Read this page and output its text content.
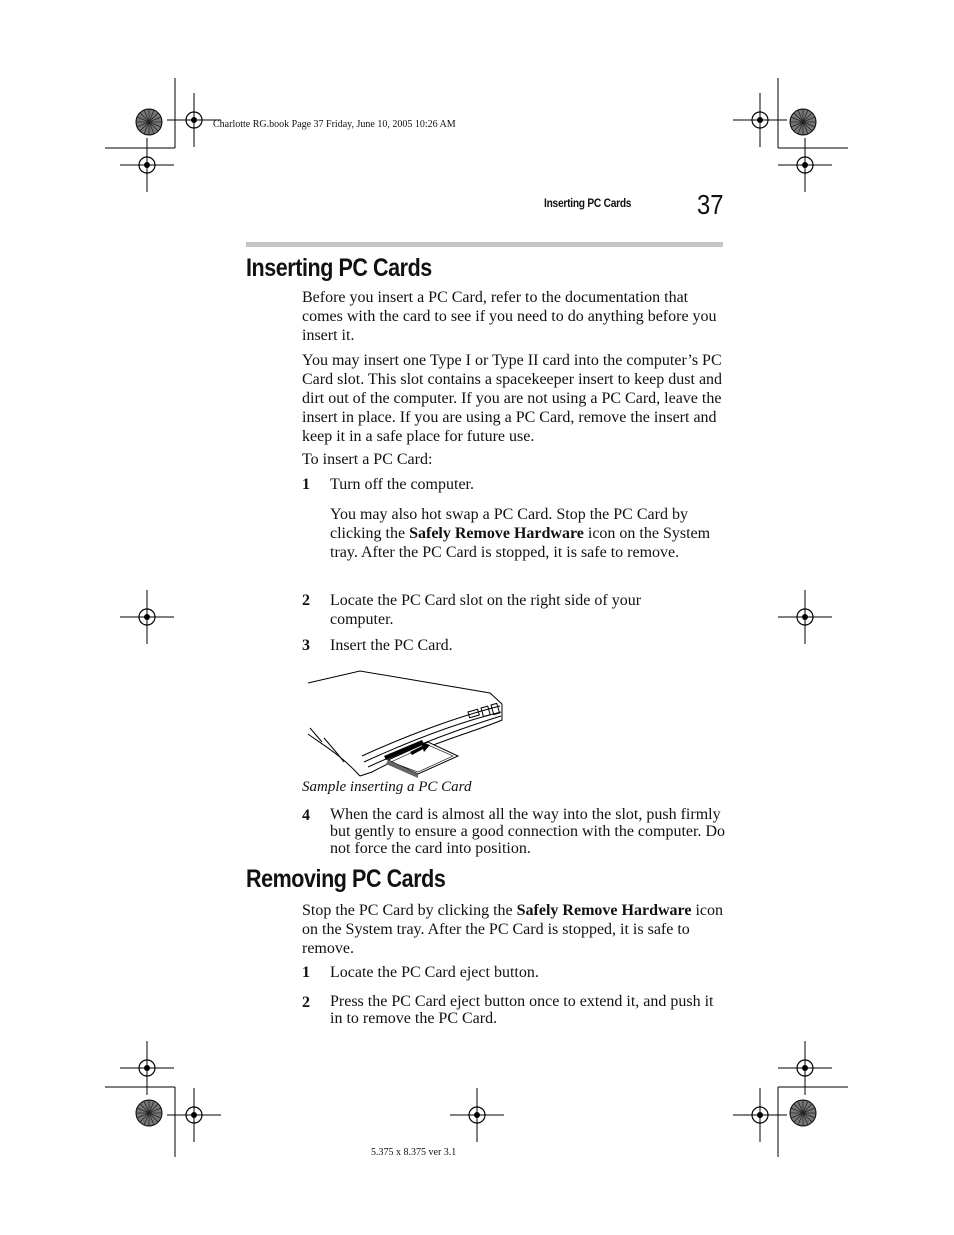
Charlotte RG.book Page 37 Friday, June 10, 2005 10:26 AM
Inserting PC Cards 37
Inserting PC Cards
Before you insert a PC Card, refer to the documentation that comes with the card to see if you need to do anything before you insert it.
You may insert one Type I or Type II card into the computer’s PC Card slot. This slot contains a spacekeeper insert to keep dust and dirt out of the computer. If you are not using a PC Card, leave the insert in place. If you are using a PC Card, remove the insert and keep it in a safe place for future use.
To insert a PC Card:
1 Turn off the computer.
You may also hot swap a PC Card. Stop the PC Card by clicking the Safely Remove Hardware icon on the System tray. After the PC Card is stopped, it is safe to remove.
2 Locate the PC Card slot on the right side of your computer.
3 Insert the PC Card.
Sample inserting a PC Card
4 When the card is almost all the way into the slot, push firmly but gently to ensure a good connection with the computer. Do not force the card into position.
Removing PC Cards
Stop the PC Card by clicking the Safely Remove Hardware icon on the System tray. After the PC Card is stopped, it is safe to remove.
1 Locate the PC Card eject button.
2 Press the PC Card eject button once to extend it, and push it in to remove the PC Card.
5.375 x 8.375 ver 3.1
